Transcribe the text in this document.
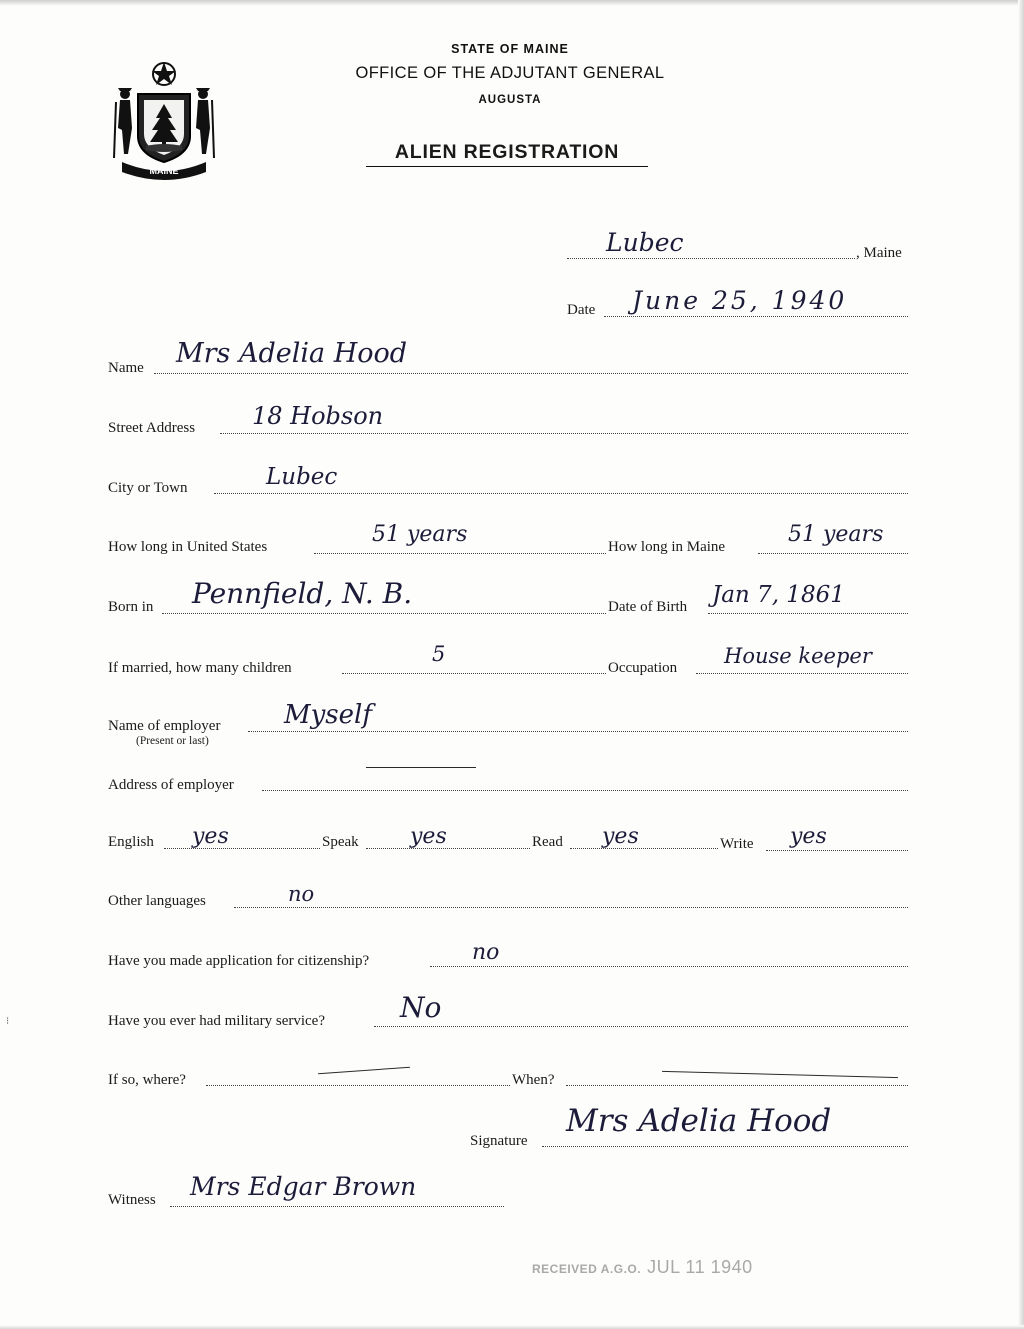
MAINE
STATE OF MAINE
OFFICE OF THE ADJUTANT GENERAL
AUGUSTA
ALIEN REGISTRATION
Lubec	, Maine
Date June 25, 1940
Name Mrs Adelia Hood
Street Address 18 Hobson
City or Town	Lubec
How long in United States	51 years	How long in Maine	51 years
Born in Pennfield, N. B.	Date of Birth Jan 7, 1861
If married, how many children
5
Occupation House keeper
Name of employer
(Present or last)
Myself
Address of employer
English yes	Speak yes	Read yes	Write yes
Other languages	no
Have you made application for citizenship?	no
Have you ever had military service?	No
If so, where?	When?
Signature
Mrs Adelia Hood
Witness Mrs Edgar Brown
RECEIVED A.G.O. JUL 11 1940
⁝
